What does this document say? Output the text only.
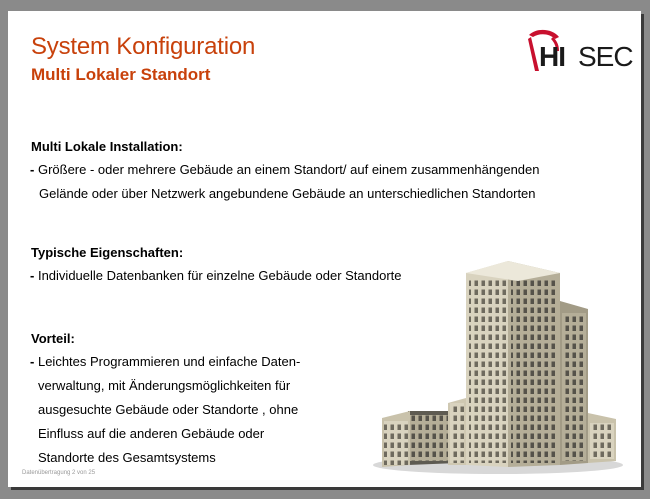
System Konfiguration
Multi Lokaler Standort
HI SEC
Multi Lokale Installation:
- Größere - oder mehrere Gebäude an einem Standort/ auf einem zusammenhängenden
Gelände oder über Netzwerk angebundene Gebäude an unterschiedlichen Standorten
Typische Eigenschaften:
- Individuelle Datenbanken für einzelne Gebäude oder Standorte
Vorteil:
- Leichtes Programmieren und einfache Daten-
verwaltung, mit Änderungsmöglichkeiten für
ausgesuchte Gebäude oder Standorte , ohne
Einfluss auf die anderen Gebäude oder
Standorte des Gesamtsystems
Datenübertragung 2 von 25
